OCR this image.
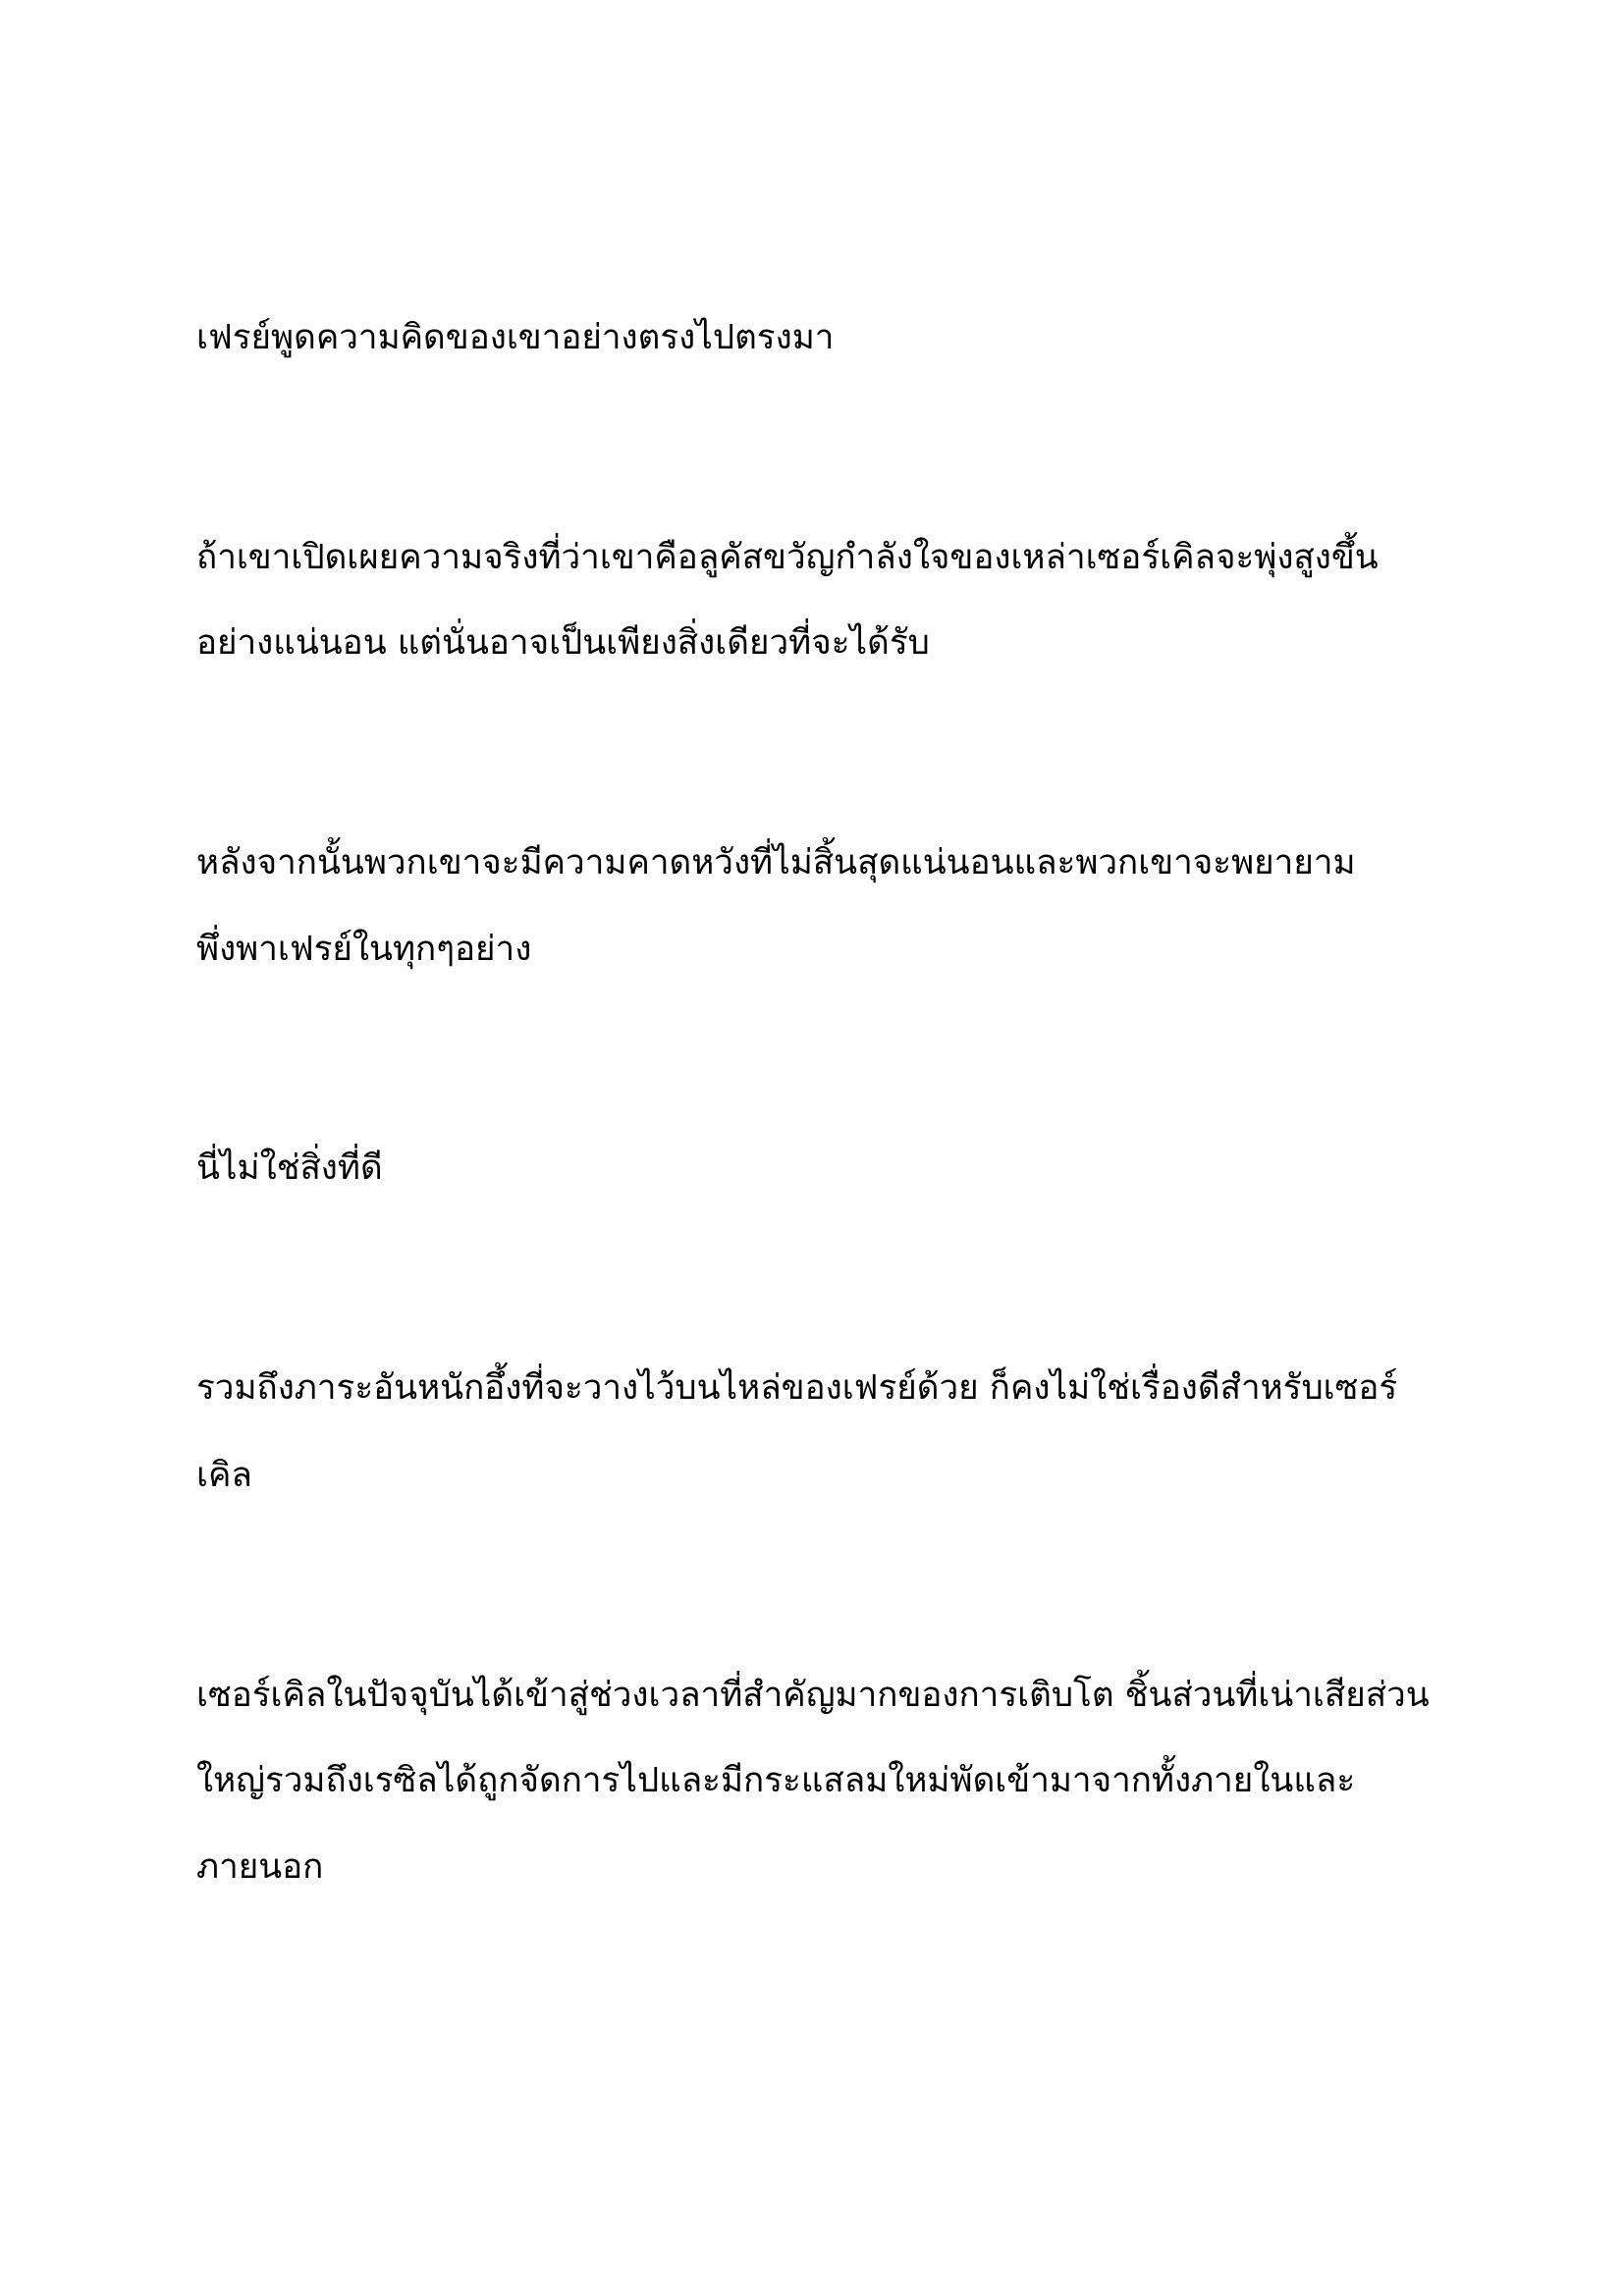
เฟรย์พูดความคิดของเขาอย่างตรงไปตรงมา

ถ้าเขาเปิดเผยความจริงที่ว่าเขาคือลูคัสขวัญกำลังใจของเหล่าเซอร์เคิลจะพุ่งสูงขึ้น

อย่างแน่นอน แต่นั่นอาจเป็นเพียงสิ่งเดียวที่จะได้รับ

หลังจากนั้นพวกเขาจะมีความคาดหวังที่ไม่สิ้นสุดแน่นอนและพวกเขาจะพยายาม

พึ่งพาเฟรย์ในทุกๆอย่าง

นี่ไม่ใช่สิ่งที่ดี

รวมถึงภาระอันหนักอึ้งที่จะวางไว้บนไหล่ของเฟรย์ด้วย ก็คงไม่ใช่เรื่องดีสำหรับเซอร์

เคิล

เซอร์เคิลในปัจจุบันได้เข้าสู่ช่วงเวลาที่สำคัญมากของการเติบโต ชิ้นส่วนที่เน่าเสียส่วน

ใหญ่รวมถึงเรซิลได้ถูกจัดการไปและมีกระแสลมใหม่พัดเข้ามาจากทั้งภายในและ

ภายนอก
